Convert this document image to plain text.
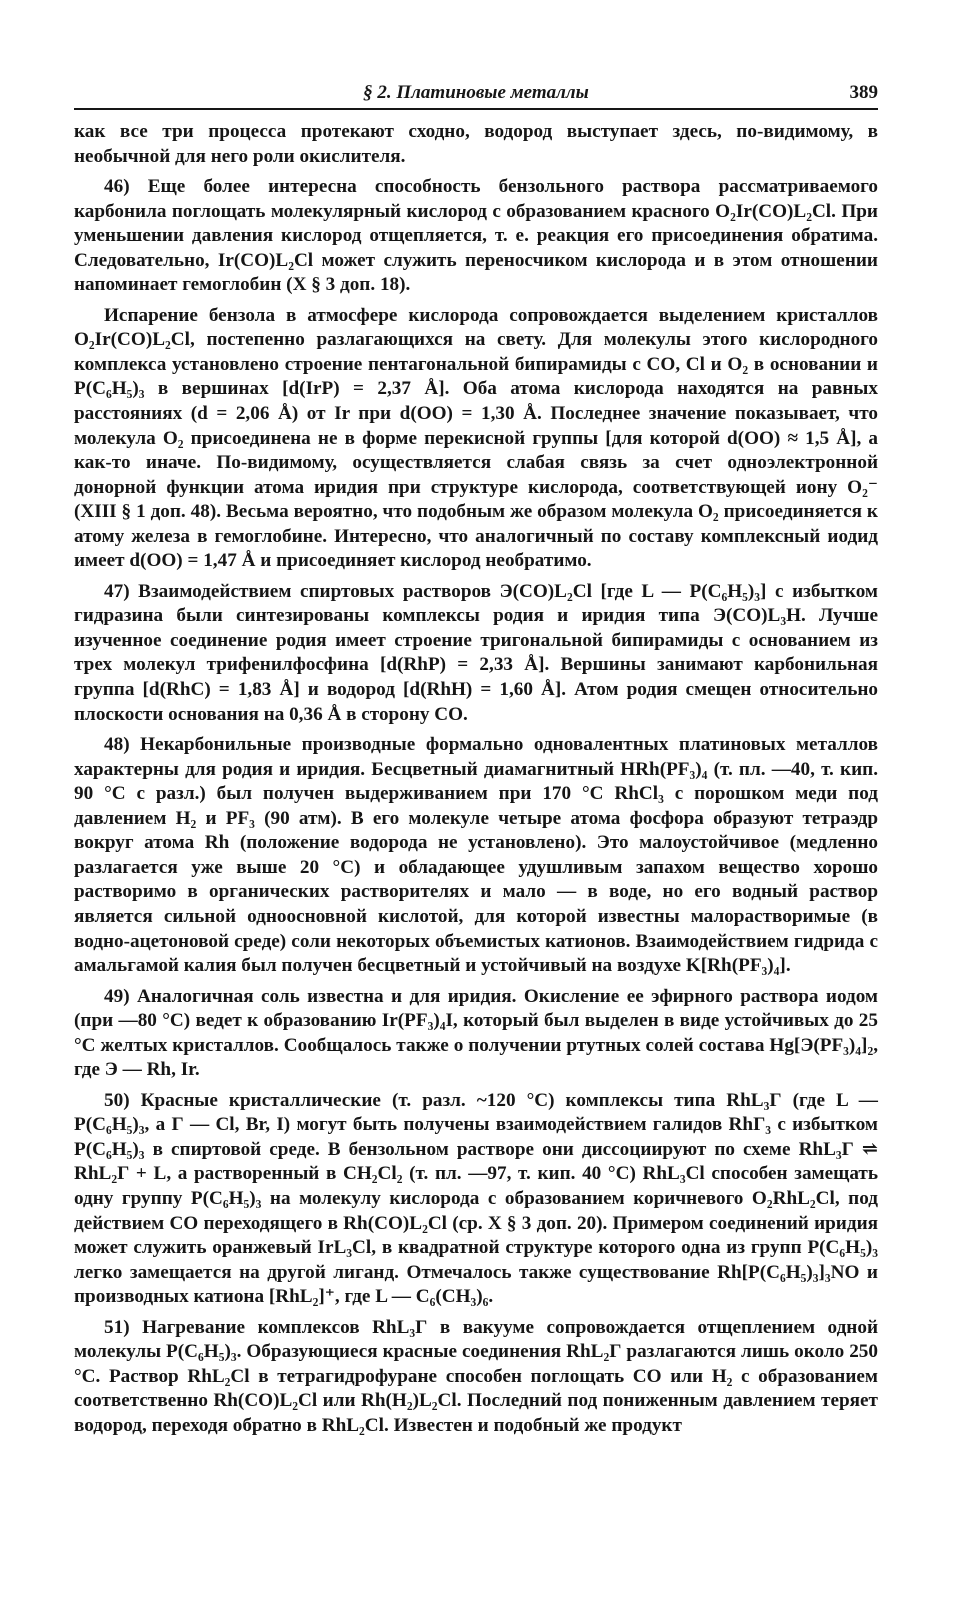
§ 2. Платиновые металлы	389

как все три процесса протекают сходно, водород выступает здесь, по-видимому, в необычной для него роли окислителя.

46) Еще более интересна способность бензольного раствора рассматриваемого карбонила поглощать молекулярный кислород с образованием красного O₂Ir(CO)L₂Cl. При уменьшении давления кислород отщепляется, т. е. реакция его присоединения обратима. Следовательно, Ir(CO)L₂Cl может служить переносчиком кислорода и в этом отношении напоминает гемоглобин (X § 3 доп. 18).

Испарение бензола в атмосфере кислорода сопровождается выделением кристаллов O₂Ir(CO)L₂Cl, постепенно разлагающихся на свету. Для молекулы этого кислородного комплекса установлено строение пентагональной бипирамиды с CO, Cl и O₂ в основании и P(C₆H₅)₃ в вершинах [d(IrP) = 2,37 Å]. Оба атома кислорода находятся на равных расстояниях (d = 2,06 Å) от Ir при d(OO) = 1,30 Å. Последнее значение показывает, что молекула O₂ присоединена не в форме перекисной группы [для которой d(OO) ≈ 1,5 Å], а как-то иначе. По-видимому, осуществляется слабая связь за счет одноэлектронной донорной функции атома иридия при структуре кислорода, соответствующей иону O₂⁻ (XIII § 1 доп. 48). Весьма вероятно, что подобным же образом молекула O₂ присоединяется к атому железа в гемоглобине. Интересно, что аналогичный по составу комплексный иодид имеет d(OO) = 1,47 Å и присоединяет кислород необратимо.

47) Взаимодействием спиртовых растворов Э(CO)L₂Cl [где L — P(C₆H₅)₃] с избытком гидразина были синтезированы комплексы родия и иридия типа Э(CO)L₃H. Лучше изученное соединение родия имеет строение тригональной бипирамиды с основанием из трех молекул трифенилфосфина [d(RhP) = 2,33 Å]. Вершины занимают карбонильная группа [d(RhC) = 1,83 Å] и водород [d(RhH) = 1,60 Å]. Атом родия смещен относительно плоскости основания на 0,36 Å в сторону CO.

48) Некарбонильные производные формально одновалентных платиновых металлов характерны для родия и иридия. Бесцветный диамагнитный HRh(PF₃)₄ (т. пл. —40, т. кип. 90 °C с разл.) был получен выдерживанием при 170 °C RhCl₃ с порошком меди под давлением H₂ и PF₃ (90 атм). В его молекуле четыре атома фосфора образуют тетраэдр вокруг атома Rh (положение водорода не установлено). Это малоустойчивое (медленно разлагается уже выше 20 °C) и обладающее удушливым запахом вещество хорошо растворимо в органических растворителях и мало — в воде, но его водный раствор является сильной одноосновной кислотой, для которой известны малорастворимые (в водно-ацетоновой среде) соли некоторых объемистых катионов. Взаимодействием гидрида с амальгамой калия был получен бесцветный и устойчивый на воздухе K[Rh(PF₃)₄].

49) Аналогичная соль известна и для иридия. Окисление ее эфирного раствора иодом (при —80 °C) ведет к образованию Ir(PF₃)₄I, который был выделен в виде устойчивых до 25 °C желтых кристаллов. Сообщалось также о получении ртутных солей состава Hg[Э(PF₃)₄]₂, где Э — Rh, Ir.

50) Красные кристаллические (т. разл. ~120 °C) комплексы типа RhL₃Г (где L — P(C₆H₅)₃, а Г — Cl, Br, I) могут быть получены взаимодействием галидов RhГ₃ с избытком P(C₆H₅)₃ в спиртовой среде. В бензольном растворе они диссоциируют по схеме RhL₃Г ⇌ RhL₂Г + L, а растворенный в CH₂Cl₂ (т. пл. —97, т. кип. 40 °C) RhL₃Cl способен замещать одну группу P(C₆H₅)₃ на молекулу кислорода с образованием коричневого O₂RhL₂Cl, под действием CO переходящего в Rh(CO)L₂Cl (ср. X § 3 доп. 20). Примером соединений иридия может служить оранжевый IrL₃Cl, в квадратной структуре которого одна из групп P(C₆H₅)₃ легко замещается на другой лиганд. Отмечалось также существование Rh[P(C₆H₅)₃]₃NO и производных катиона [RhL₂]⁺, где L — C₆(CH₃)₆.

51) Нагревание комплексов RhL₃Г в вакууме сопровождается отщеплением одной молекулы P(C₆H₅)₃. Образующиеся красные соединения RhL₂Г разлагаются лишь около 250 °C. Раствор RhL₂Cl в тетрагидрофуране способен поглощать CO или H₂ с образованием соответственно Rh(CO)L₂Cl или Rh(H₂)L₂Cl. Последний под пониженным давлением теряет водород, переходя обратно в RhL₂Cl. Известен и подобный же продукт
